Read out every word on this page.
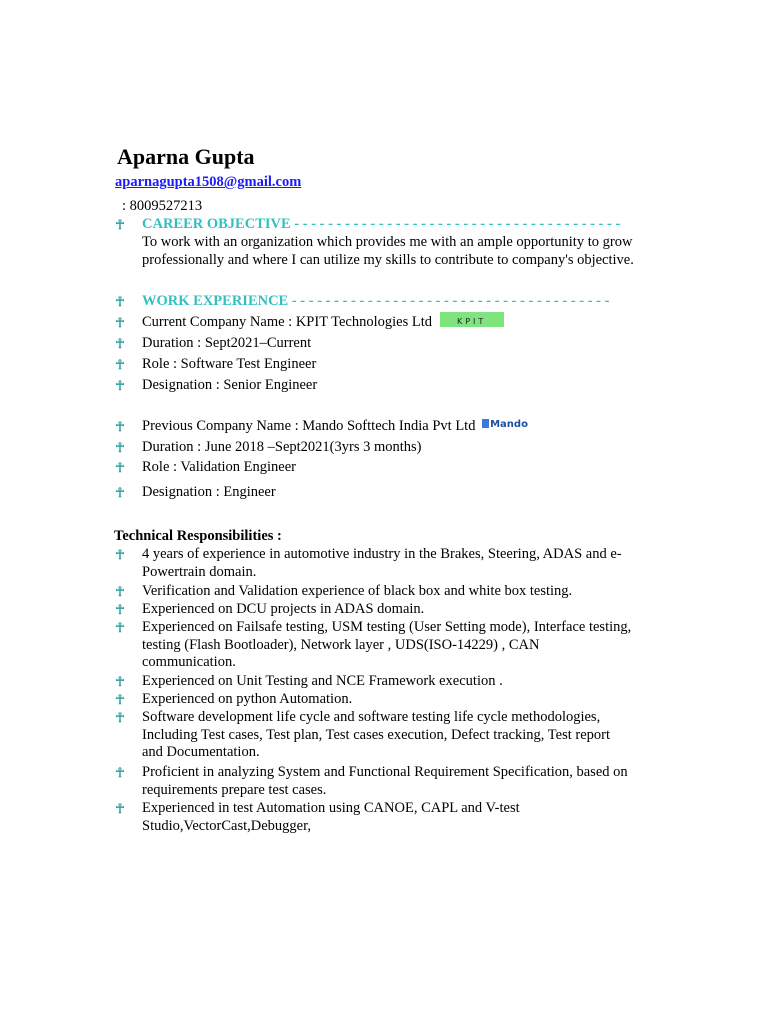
Aparna Gupta
aparnagupta1508@gmail.com
: 8009527213
☥ CAREER OBJECTIVE - - - - - - - - - - - - - - - - - - - - - - - - - - - - - - - - - - - - - - -
To work with an organization which provides me with an ample opportunity to grow
professionally and where I can utilize my skills to contribute to company's objective.
☥ WORK EXPERIENCE - - - - - - - - - - - - - - - - - - - - - - - - - - - - - - - - - - - - - -
☥ Current Company Name : KPIT Technologies Ltd	KPIT
☥ Duration : Sept2021–Current
☥ Role : Software Test Engineer
☥ Designation : Senior Engineer
☥ Previous Company Name : Mando Softtech India Pvt Ltd Mando
☥ Duration : June 2018 –Sept2021(3yrs 3 months)
☥ Role : Validation Engineer
☥ Designation : Engineer
Technical Responsibilities :
☥ 4 years of experience in automotive industry in the Brakes, Steering, ADAS and e-
Powertrain domain.
☥ Verification and Validation experience of black box and white box testing.
☥ Experienced on DCU projects in ADAS domain.
☥ Experienced on Failsafe testing, USM testing (User Setting mode), Interface testing,
testing (Flash Bootloader), Network layer , UDS(ISO-14229) , CAN
communication.
☥ Experienced on Unit Testing and NCE Framework execution .
☥ Experienced on python Automation.
☥ Software development life cycle and software testing life cycle methodologies,
Including Test cases, Test plan, Test cases execution, Defect tracking, Test report
and Documentation.
☥ Proficient in analyzing System and Functional Requirement Specification, based on
requirements prepare test cases.
☥ Experienced in test Automation using CANOE, CAPL and V-test
Studio,VectorCast,Debugger,
